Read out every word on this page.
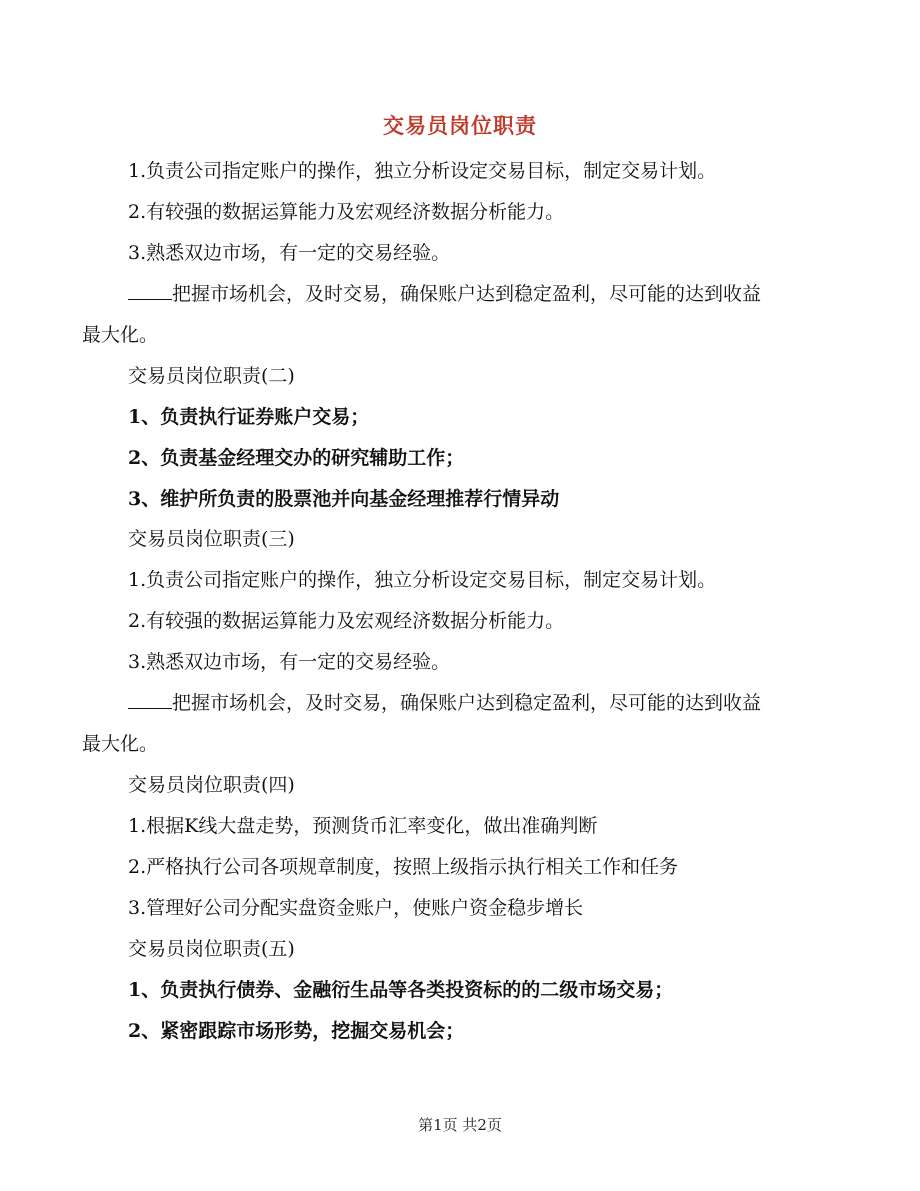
交易员岗位职责
1.负责公司指定账户的操作，独立分析设定交易目标，制定交易计划。
2.有较强的数据运算能力及宏观经济数据分析能力。
3.熟悉双边市场，有一定的交易经验。
把握市场机会，及时交易，确保账户达到稳定盈利，尽可能的达到收益
最大化。
交易员岗位职责(二)
1、负责执行证券账户交易；
2、负责基金经理交办的研究辅助工作；
3、维护所负责的股票池并向基金经理推荐行情异动
交易员岗位职责(三)
1.负责公司指定账户的操作，独立分析设定交易目标，制定交易计划。
2.有较强的数据运算能力及宏观经济数据分析能力。
3.熟悉双边市场，有一定的交易经验。
把握市场机会，及时交易，确保账户达到稳定盈利，尽可能的达到收益
最大化。
交易员岗位职责(四)
1.根据K线大盘走势，预测货币汇率变化，做出准确判断
2.严格执行公司各项规章制度，按照上级指示执行相关工作和任务
3.管理好公司分配实盘资金账户，使账户资金稳步增长
交易员岗位职责(五)
1、负责执行债券、金融衍生品等各类投资标的的二级市场交易；
2、紧密跟踪市场形势，挖掘交易机会；
第1页 共2页
